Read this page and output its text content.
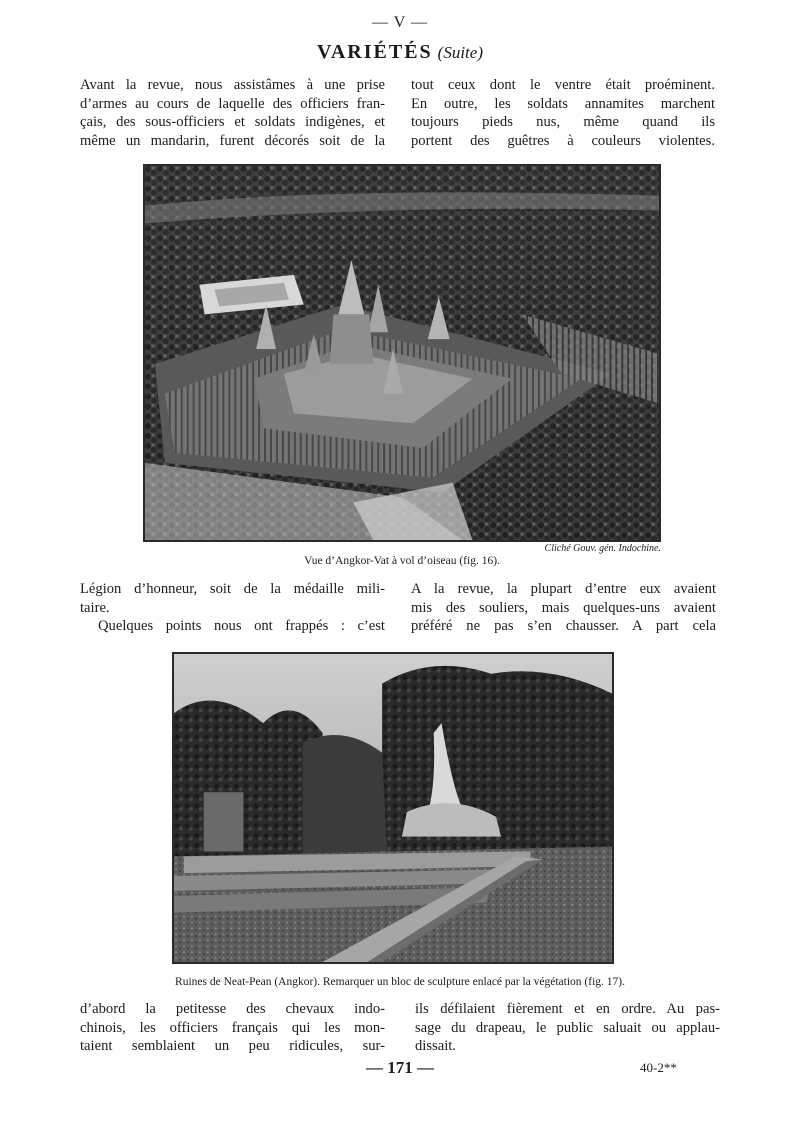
— V —
VARIÉTÉS (Suite)

Avant la revue, nous assistâmes à une prise

d’armes au cours de laquelle des officiers fran-

çais, des sous-officiers et soldats indigènes, et

même un mandarin, furent décorés soit de la

tout ceux dont le ventre était proéminent.

En outre, les soldats annamites marchent

toujours pieds nus, même quand ils

portent des guêtres à couleurs violentes.

Cliché Gouv. gén. Indochine.
Vue d’Angkor-Vat à vol d’oiseau (fig. 16).

Légion d’honneur, soit de la médaille mili-

taire.

Quelques points nous ont frappés : c’est

A la revue, la plupart d’entre eux avaient

mis des souliers, mais quelques-uns avaient

préféré ne pas s’en chausser. A part cela

Ruines de Neat-Pean (Angkor). Remarquer un bloc de sculpture enlacé par la végétation (fig. 17).

d’abord la petitesse des chevaux indo-

chinois, les officiers français qui les mon-

taient semblaient un peu ridicules, sur-

ils défilaient fièrement et en ordre. Au pas-

sage du drapeau, le public saluait ou applau-

dissait.

— 171 —	40-2**
